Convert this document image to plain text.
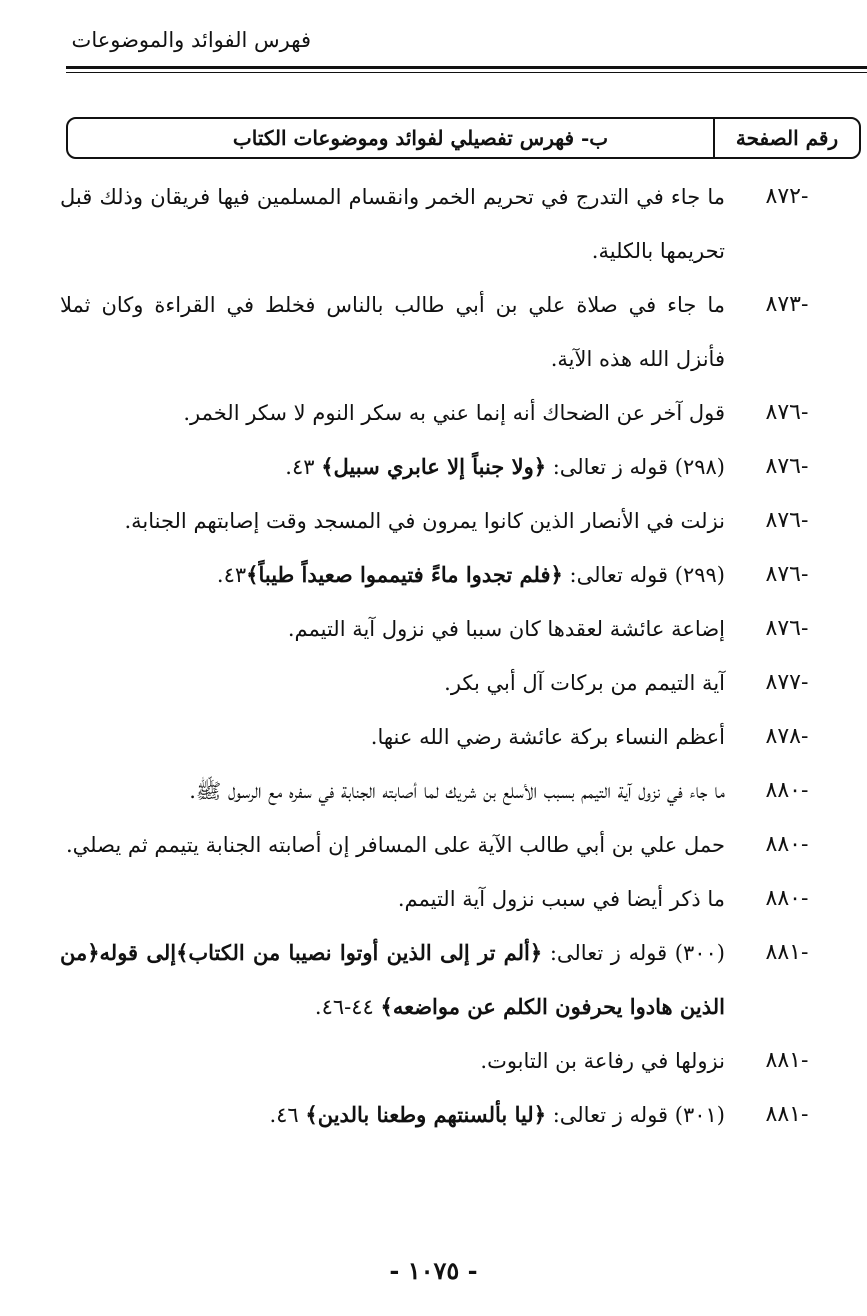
فهرس الفوائد والموضوعات
رقم الصفحة
ب- فهرس تفصيلي لفوائد وموضوعات الكتاب
-٨٧٢
ما جاء في التدرج في تحريم الخمر وانقسام المسلمين فيها فريقان وذلك قبل تحريمها بالكلية.
-٨٧٣
ما جاء في صلاة علي بن أبي طالب بالناس فخلط في القراءة وكان ثملا فأنزل الله هذه الآية.
-٨٧٦
قول آخر عن الضحاك أنه إنما عني به سكر النوم لا سكر الخمر.
-٨٧٦
(٢٩٨) قوله ز تعالى: ﴿ولا جنباً إلا عابري سبيل﴾ ٤٣.
-٨٧٦
نزلت في الأنصار الذين كانوا يمرون في المسجد وقت إصابتهم الجنابة.
-٨٧٦
(٢٩٩) قوله تعالى: ﴿فلم تجدوا ماءً فتيمموا صعيداً طيباً﴾٤٣.
-٨٧٦
إضاعة عائشة لعقدها كان سببا في نزول آية التيمم.
-٨٧٧
آية التيمم من بركات آل أبي بكر.
-٨٧٨
أعظم النساء بركة عائشة رضي الله عنها.
-٨٨٠
ما جاء في نزول آية التيمم بسبب الأسلع بن شريك لما أصابته الجنابة في سفره مع الرسول ﷺ.
-٨٨٠
حمل علي بن أبي طالب الآية على المسافر إن أصابته الجنابة يتيمم ثم يصلي.
-٨٨٠
ما ذكر أيضا في سبب نزول آية التيمم.
-٨٨١
(٣٠٠) قوله ز تعالى: ﴿ألم تر إلى الذين أوتوا نصيبا من الكتاب﴾إلى قوله﴿من الذين هادوا يحرفون الكلم عن مواضعه﴾ ٤٤-٤٦.
-٨٨١
نزولها في رفاعة بن التابوت.
-٨٨١
(٣٠١) قوله ز تعالى: ﴿ليا بألسنتهم وطعنا بالدين﴾ ٤٦.
- ١٠٧٥ -
